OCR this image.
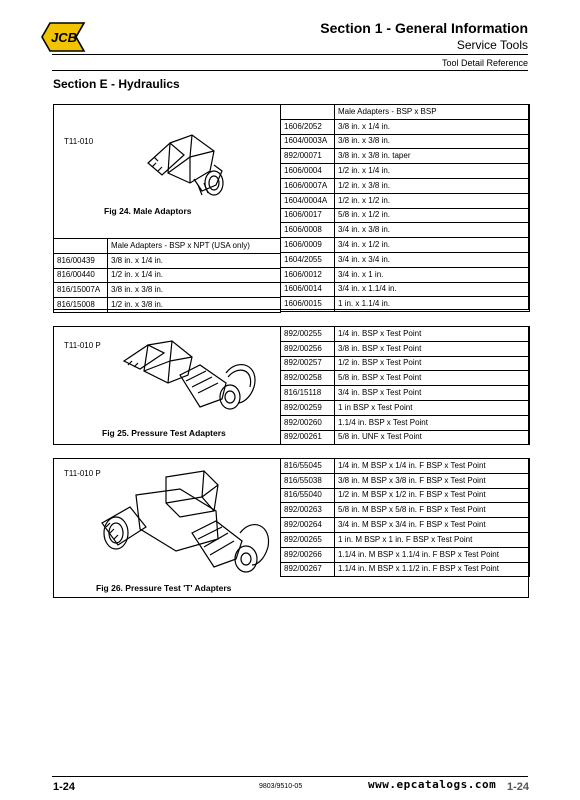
JCB
Section 1 - General Information
Service Tools
Tool Detail Reference
Section E - Hydraulics
T11-010
Fig 24. Male Adaptors
	Male Adapters - BSP x NPT (USA only)
816/00439	3/8 in. x 1/4 in.
816/00440	1/2 in. x 1/4 in.
816/15007A	3/8 in. x 3/8 in.
816/15008	1/2 in. x 3/8 in.
	Male Adapters - BSP x BSP
1606/2052	3/8 in. x 1/4 in.
1604/0003A	3/8 in. x 3/8 in.
892/00071	3/8 in. x 3/8 in. taper
1606/0004	1/2 in. x 1/4 in.
1606/0007A	1/2 in. x 3/8 in.
1604/0004A	1/2 in. x 1/2 in.
1606/0017	5/8 in. x 1/2 in.
1606/0008	3/4 in. x 3/8 in.
1606/0009	3/4 in. x 1/2 in.
1604/2055	3/4 in. x 3/4 in.
1606/0012	3/4 in. x 1 in.
1606/0014	3/4 in. x 1.1/4 in.
1606/0015	1 in. x 1.1/4 in.
T11-010 P
Fig 25. Pressure Test Adapters
892/00255	1/4 in. BSP x Test Point
892/00256	3/8 in. BSP x Test Point
892/00257	1/2 in. BSP x Test Point
892/00258	5/8 in. BSP x Test Point
816/15118	3/4 in. BSP x Test Point
892/00259	1 in BSP x Test Point
892/00260	1.1/4 in. BSP x Test Point
892/00261	5/8 in. UNF x Test Point
T11-010 P
Fig 26. Pressure Test 'T' Adapters
816/55045	1/4 in. M BSP x 1/4 in. F BSP x Test Point
816/55038	3/8 in. M BSP x 3/8 in. F BSP x Test Point
816/55040	1/2 in. M BSP x 1/2 in. F BSP x Test Point
892/00263	5/8 in. M BSP x 5/8 in. F BSP x Test Point
892/00264	3/4 in. M BSP x 3/4 in. F BSP x Test Point
892/00265	1 in. M BSP x 1 in. F BSP x Test Point
892/00266	1.1/4 in. M BSP x 1.1/4 in. F BSP x Test Point
892/00267	1.1/4 in. M BSP x 1.1/2 in. F BSP x Test Point
1-24	9803/9510-05	1-24
www.epcatalogs.com
